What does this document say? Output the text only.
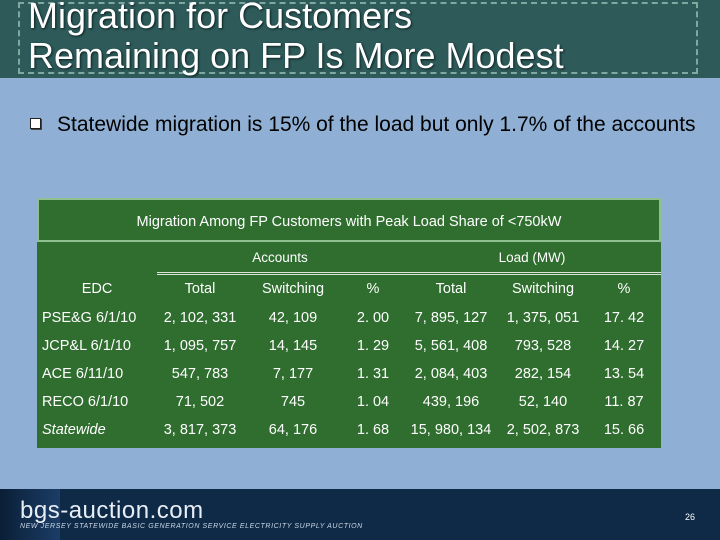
Migration for Customers
Remaining on FP Is More Modest
Statewide migration is 15% of the load but only 1.7% of the accounts
Migration Among FP Customers with Peak Load Share of <750kW
Accounts	Load (MW)
EDC	Total	Switching	%	Total	Switching	%
PSE&G 6/1/10	2, 102, 331	42, 109	2. 00	7, 895, 127	1, 375, 051	17. 42
JCP&L 6/1/10	1, 095, 757	14, 145	1. 29	5, 561, 408	793, 528	14. 27
ACE 6/11/10	547, 783	7, 177	1. 31	2, 084, 403	282, 154	13. 54
RECO 6/1/10	71, 502	745	1. 04	439, 196	52, 140	11. 87
Statewide	3, 817, 373	64, 176	1. 68	15, 980, 134	2, 502, 873	15. 66
bgs-auction.com
NEW JERSEY STATEWIDE BASIC GENERATION SERVICE ELECTRICITY SUPPLY AUCTION
26
